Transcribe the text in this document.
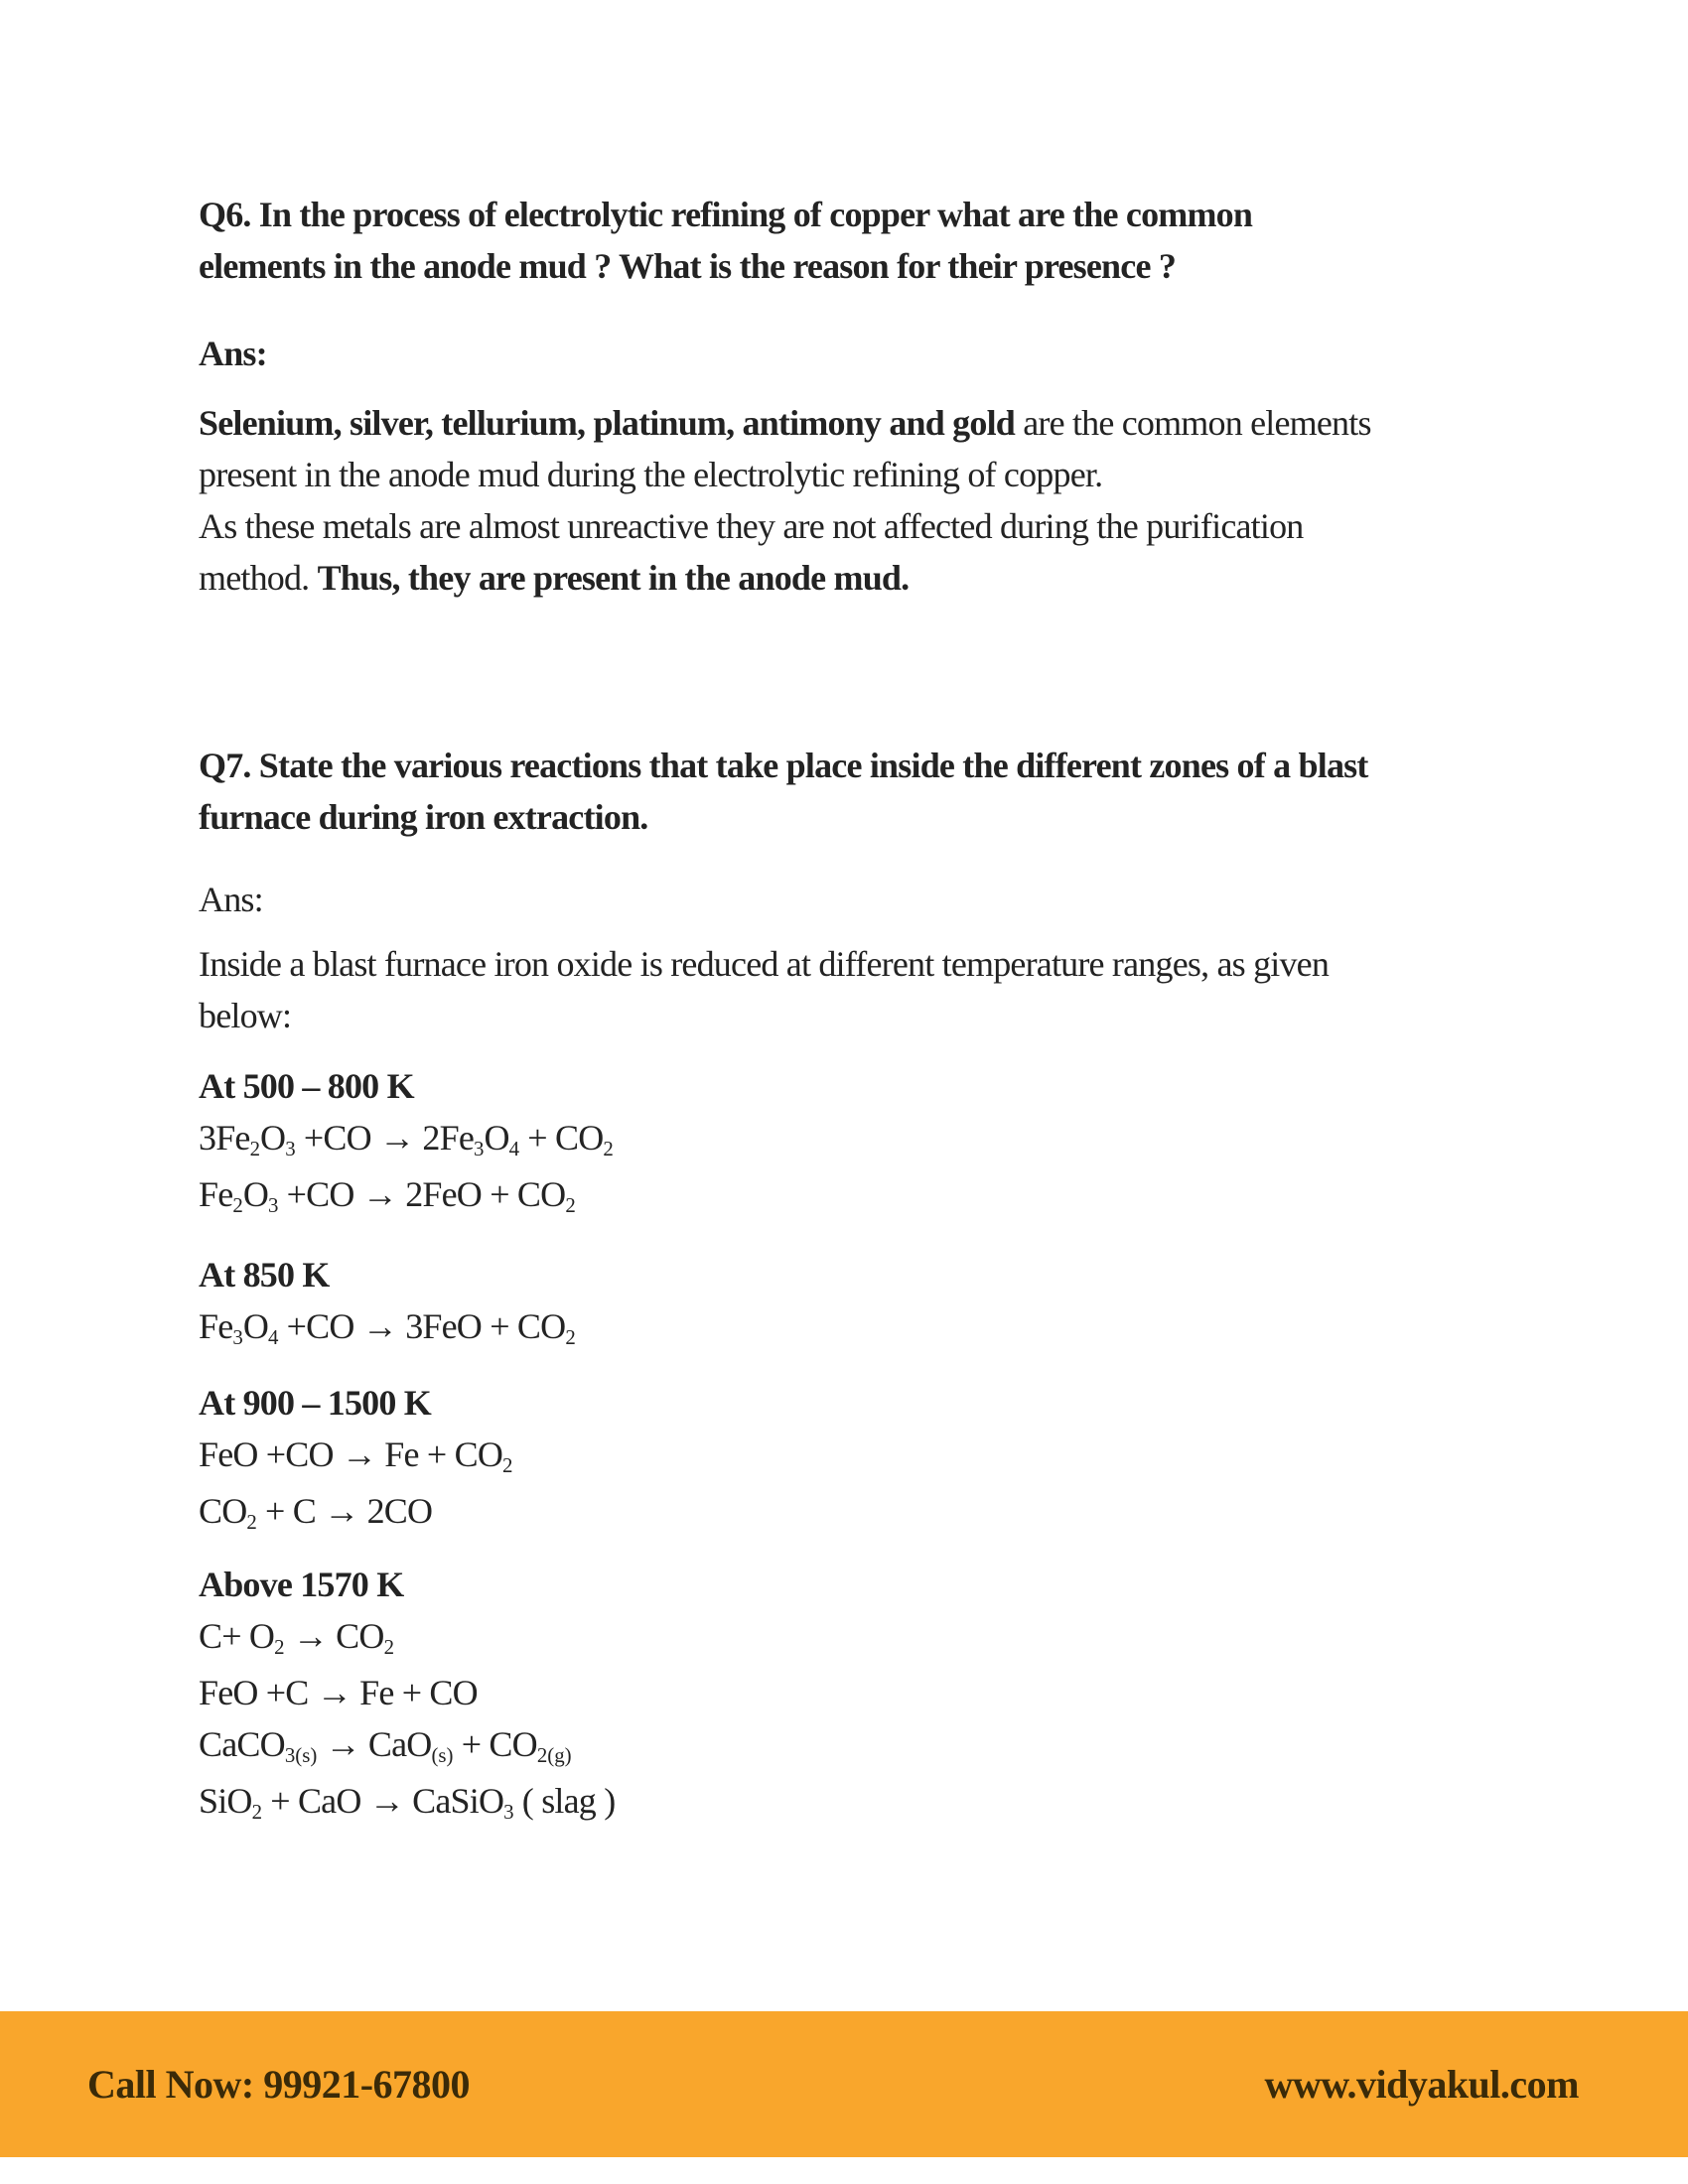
Q6. In the process of electrolytic refining of copper what are the common
elements in the anode mud ? What is the reason for their presence ?
Ans:
Selenium, silver, tellurium, platinum, antimony and gold are the common elements
present in the anode mud during the electrolytic refining of copper.
As these metals are almost unreactive they are not affected during the purification
method. Thus, they are present in the anode mud.
Q7. State the various reactions that take place inside the different zones of a blast
furnace during iron extraction.
Ans:
Inside a blast furnace iron oxide is reduced at different temperature ranges, as given
below:
At 500 – 800 K
$3Fe_2O_3 +CO \to 2Fe_3O_4 + CO_2$
$Fe_2O_3 +CO \to 2FeO + CO_2$
At 850 K
$Fe_3O_4 +CO \to 3FeO + CO_2$
At 900 – 1500 K
FeO $+CO \to Fe + CO_2$
$CO_2 + C \to 2CO$
Above 1570 K
$C+ O_2 \to CO_2$
FeO +C → Fe + CO
CaCO$_{3(s)}$ → $CaO_{(s)} + CO_{2(g)}$
SiO$_2$ + CaO → CaSiO$_3$ ( slag )
Call Now: 99921-67800	www.vidyakul.com
